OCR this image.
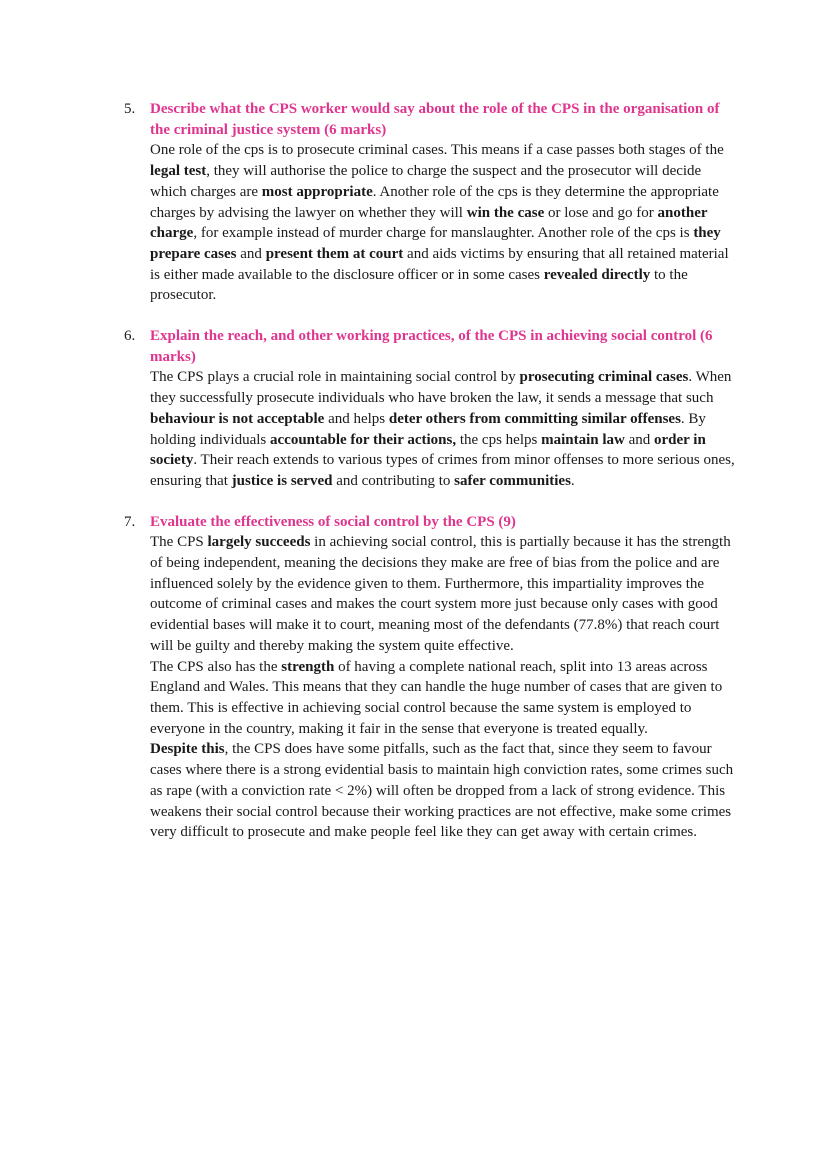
5. Describe what the CPS worker would say about the role of the CPS in the organisation of the criminal justice system (6 marks)

One role of the cps is to prosecute criminal cases. This means if a case passes both stages of the legal test, they will authorise the police to charge the suspect and the prosecutor will decide which charges are most appropriate. Another role of the cps is they determine the appropriate charges by advising the lawyer on whether they will win the case or lose and go for another charge, for example instead of murder charge for manslaughter. Another role of the cps is they prepare cases and present them at court and aids victims by ensuring that all retained material is either made available to the disclosure officer or in some cases revealed directly to the prosecutor.

6. Explain the reach, and other working practices, of the CPS in achieving social control (6 marks)

The CPS plays a crucial role in maintaining social control by prosecuting criminal cases. When they successfully prosecute individuals who have broken the law, it sends a message that such behaviour is not acceptable and helps deter others from committing similar offenses. By holding individuals accountable for their actions, the cps helps maintain law and order in society. Their reach extends to various types of crimes from minor offenses to more serious ones, ensuring that justice is served and contributing to safer communities.

7. Evaluate the effectiveness of social control by the CPS (9)

The CPS largely succeeds in achieving social control, this is partially because it has the strength of being independent, meaning the decisions they make are free of bias from the police and are influenced solely by the evidence given to them. Furthermore, this impartiality improves the outcome of criminal cases and makes the court system more just because only cases with good evidential bases will make it to court, meaning most of the defendants (77.8%) that reach court will be guilty and thereby making the system quite effective.

The CPS also has the strength of having a complete national reach, split into 13 areas across England and Wales. This means that they can handle the huge number of cases that are given to them. This is effective in achieving social control because the same system is employed to everyone in the country, making it fair in the sense that everyone is treated equally.

Despite this, the CPS does have some pitfalls, such as the fact that, since they seem to favour cases where there is a strong evidential basis to maintain high conviction rates, some crimes such as rape (with a conviction rate < 2%) will often be dropped from a lack of strong evidence. This weakens their social control because their working practices are not effective, make some crimes very difficult to prosecute and make people feel like they can get away with certain crimes.
